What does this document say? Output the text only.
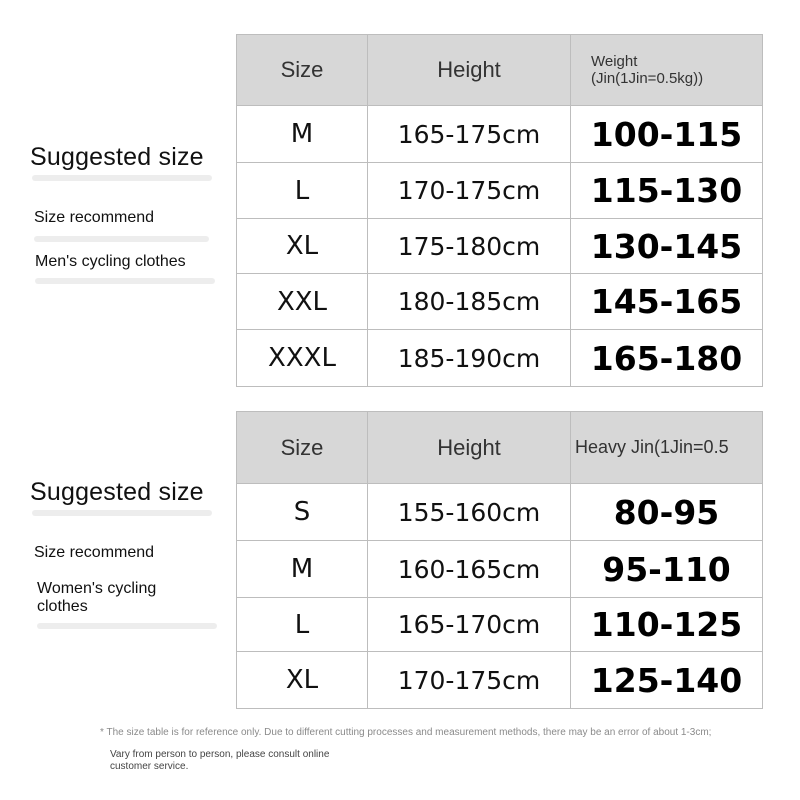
Suggested size
Size recommend
Men's cycling clothes
Size	Height	Weight
(Jin(1Jin=0.5kg))

M	165-175cm	100-115
L	170-175cm	115-130
XL	175-180cm	130-145
XXL	180-185cm	145-165
XXXL	185-190cm	165-180
Suggested size
Size recommend
Women's cycling clothes
Size	Height	Heavy Jin(1Jin=0.5
S	155-160cm	80-95
M	160-165cm	95-110
L	165-170cm	110-125
XL	170-175cm	125-140
* The size table is for reference only. Due to different cutting processes and measurement methods, there may be an error of about 1-3cm;
Vary from person to person, please consult online
customer service.
